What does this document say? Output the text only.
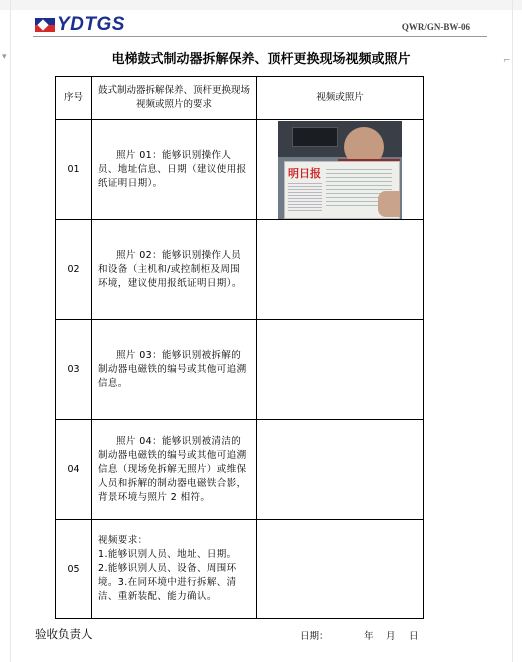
▾	⌐
YDTGS	QWR/GN-BW-06
电梯鼓式制动器拆解保养、顶杆更换现场视频或照片
序号	鼓式制动器拆解保养、顶杆更换现场视频或照片的要求	视频或照片
01	照片 01：能够识别操作人员、地址信息、日期（建议使用报纸证明日期）。	明日报

02	照片 02：能够识别操作人员和设备（主机和/或控制柜及周围环境，建议使用报纸证明日期）。	

03	照片 03：能够识别被拆解的制动器电磁铁的编号或其他可追溯信息。	

04	照片 04：能够识别被清洁的制动器电磁铁的编号或其他可追溯信息（现场免拆解无照片）或维保人员和拆解的制动器电磁铁合影，背景环境与照片 2 相符。	

05	视频要求：
1.能够识别人员、地址、日期。
2.能够识别人员、设备、周围环境。3.在同环境中进行拆解、清洁、重新装配、能力确认。	

验收负责人	日期：	年 月 日
